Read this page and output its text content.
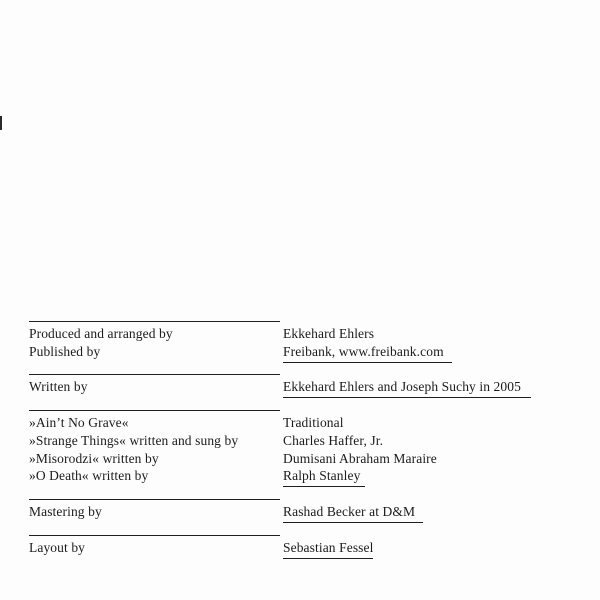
Produced and arranged by	Ekkehard Ehlers
Published by	Freibank, www.freibank.com
Written by	Ekkehard Ehlers and Joseph Suchy in 2005
»Ain’t No Grave«	Traditional
»Strange Things« written and sung by	Charles Haffer, Jr.
»Misorodzi« written by	Dumisani Abraham Maraire
»O Death« written by	Ralph Stanley
Mastering by	Rashad Becker at D&M
Layout by	Sebastian Fessel
